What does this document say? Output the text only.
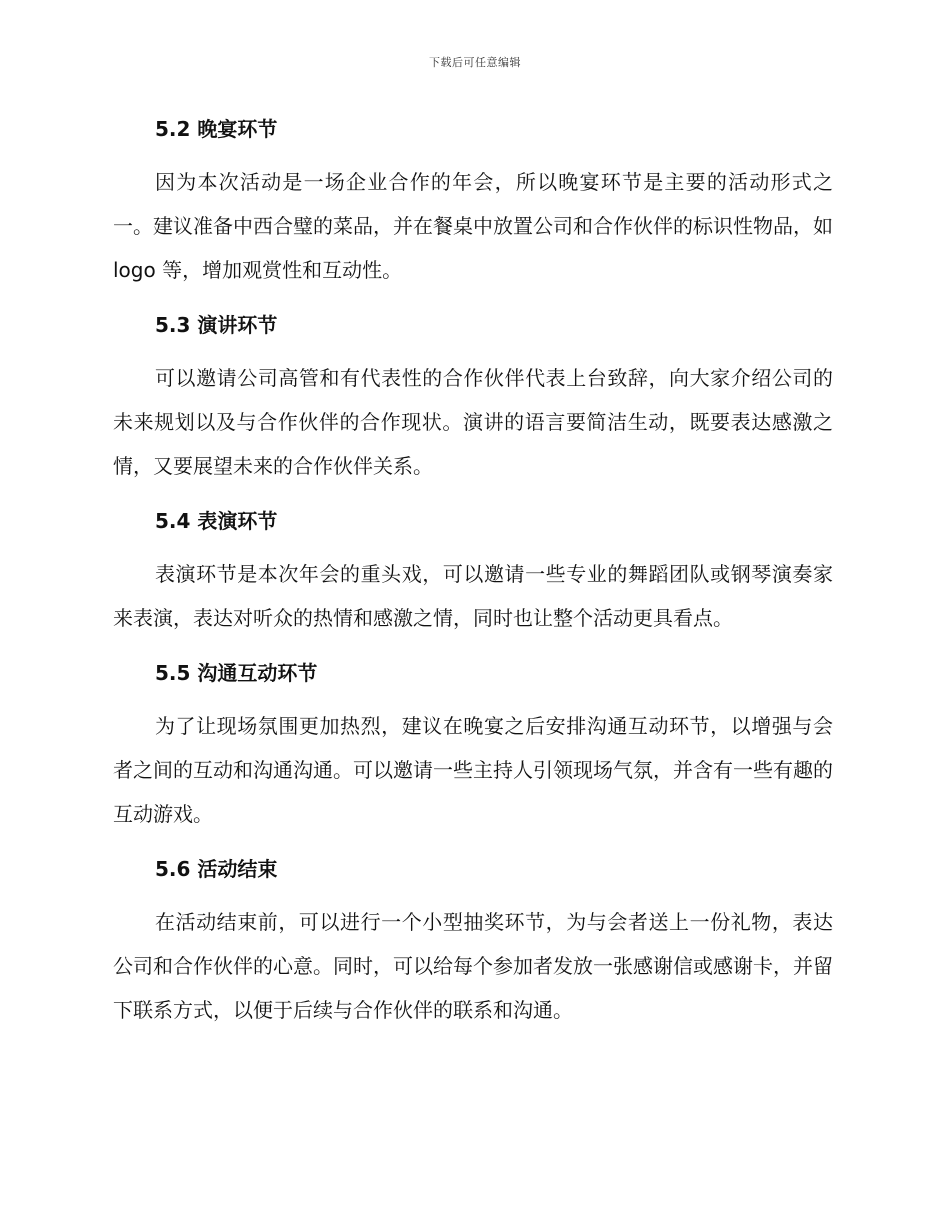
下载后可任意编辑
5.2 晚宴环节

因为本次活动是一场企业合作的年会，所以晚宴环节是主要的活动形式之一。建议准备中西合璧的菜品，并在餐桌中放置公司和合作伙伴的标识性物品，如 logo 等，增加观赏性和互动性。

5.3 演讲环节

可以邀请公司高管和有代表性的合作伙伴代表上台致辞，向大家介绍公司的未来规划以及与合作伙伴的合作现状。演讲的语言要简洁生动，既要表达感激之情，又要展望未来的合作伙伴关系。

5.4 表演环节

表演环节是本次年会的重头戏，可以邀请一些专业的舞蹈团队或钢琴演奏家来表演，表达对听众的热情和感激之情，同时也让整个活动更具看点。

5.5 沟通互动环节

为了让现场氛围更加热烈，建议在晚宴之后安排沟通互动环节，以增强与会者之间的互动和沟通沟通。可以邀请一些主持人引领现场气氛，并含有一些有趣的互动游戏。

5.6 活动结束

在活动结束前，可以进行一个小型抽奖环节，为与会者送上一份礼物，表达公司和合作伙伴的心意。同时，可以给每个参加者发放一张感谢信或感谢卡，并留下联系方式，以便于后续与合作伙伴的联系和沟通。
